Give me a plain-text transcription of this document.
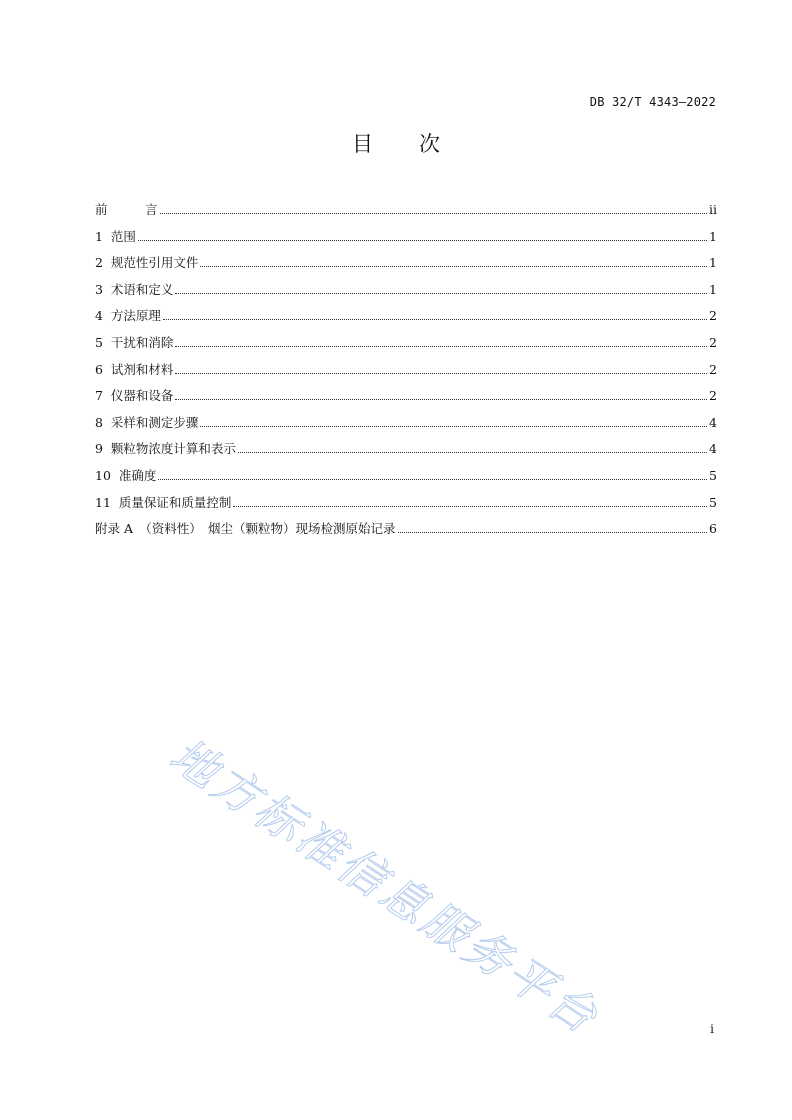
DB 32/T 4343—2022
目 次
前　　　言	ii
1  范围	1
2  规范性引用文件	1
3  术语和定义	1
4  方法原理	2
5  干扰和消除	2
6  试剂和材料	2
7  仪器和设备	2
8  采样和测定步骤	4
9  颗粒物浓度计算和表示	4
10  准确度	5
11  质量保证和质量控制	5
附录 A　（资料性）　烟尘（颗粒物）现场检测原始记录	6
地方标准信息服务平台	i
